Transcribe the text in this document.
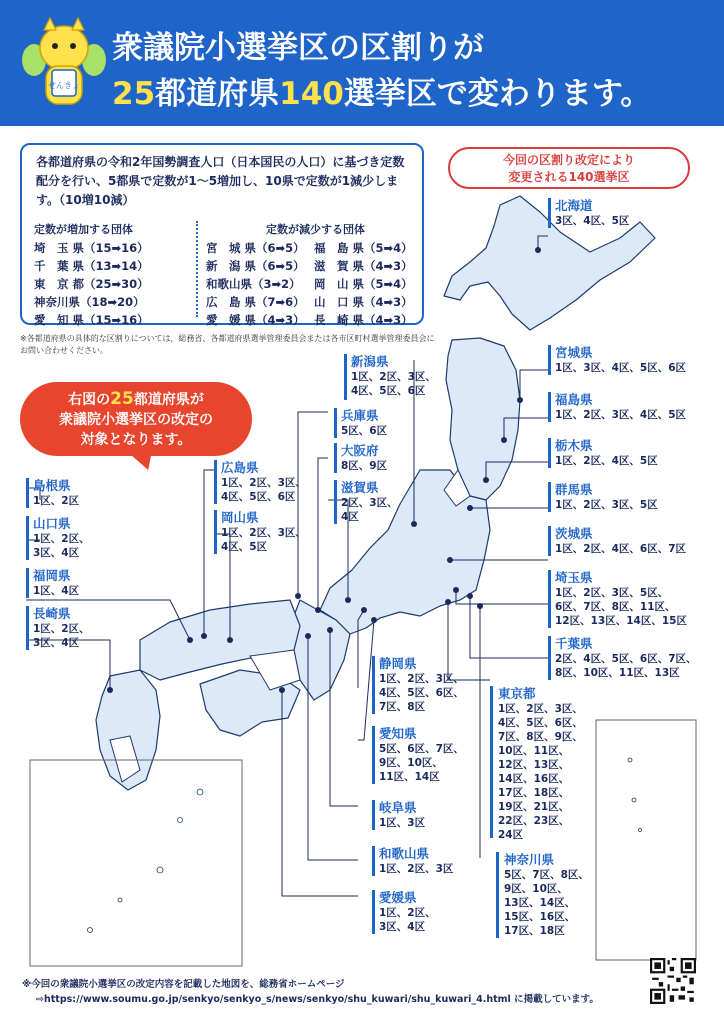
せんきょ
衆議院小選挙区の区割りが
25都道府県140選挙区で変わります。
各都道府県の令和2年国勢調査人口（日本国民の人口）に基づき定数配分を行い、5都県で定数が1～5増加し、10県で定数が1減少します。（10増10減）
定数が増加する団体	定数が減少する団体
埼　玉 県（15➡16）
千　葉 県（13➡14）
東　京 都（25➡30）
神奈川県（18➡20）
愛　知 県（15➡16）
宮　城 県（6➡5）
新　潟 県（6➡5）
和歌山県（3➡2）
広　島 県（7➡6）
愛　媛 県（4➡3）
福　島 県（5➡4）
滋　賀 県（4➡3）
岡　山 県（5➡4）
山　口 県（4➡3）
長　崎 県（4➡3）
※各都道府県の具体的な区割りについては，総務省、各都道府県選挙管理委員会または各市区町村選挙管理委員会にお問い合わせください。
今回の区割り改定により
変更される140選挙区
右図の25都道府県が
衆議院小選挙区の改定の
対象となります。
北海道
3区、4区、5区
宮城県
1区、3区、4区、5区、6区
福島県
1区、2区、3区、4区、5区
栃木県
1区、2区、4区、5区
群馬県
1区、2区、3区、5区
茨城県
1区、2区、4区、6区、7区
埼玉県
1区、2区、3区、5区、
6区、7区、8区、11区、
12区、13区、14区、15区
千葉県
2区、4区、5区、6区、7区、
8区、10区、11区、13区
東京都
1区、2区、3区、
4区、5区、6区、
7区、8区、9区、
10区、11区、
12区、13区、
14区、16区、
17区、18区、
19区、21区、
22区、23区、
24区
神奈川県
5区、7区、8区、
9区、10区、
13区、14区、
15区、16区、
17区、18区
新潟県
1区、2区、3区、
4区、5区、6区
兵庫県
5区、6区
大阪府
8区、9区
滋賀県
2区、3区、
4区
広島県
1区、2区、3区、
4区、5区、6区
岡山県
1区、2区、3区、
4区、5区
島根県
1区、2区
山口県
1区、2区、
3区、4区
福岡県
1区、4区
長崎県
1区、2区、
3区、4区
静岡県
1区、2区、3区、
4区、5区、6区、
7区、8区
愛知県
5区、6区、7区、
9区、10区、
11区、14区
岐阜県
1区、3区
和歌山県
1区、2区、3区
愛媛県
1区、2区、
3区、4区
※今回の衆議院小選挙区の改定内容を記載した地図を、総務省ホームページ
⇨https://www.soumu.go.jp/senkyo/senkyo_s/news/senkyo/shu_kuwari/shu_kuwari_4.html に掲載しています。
